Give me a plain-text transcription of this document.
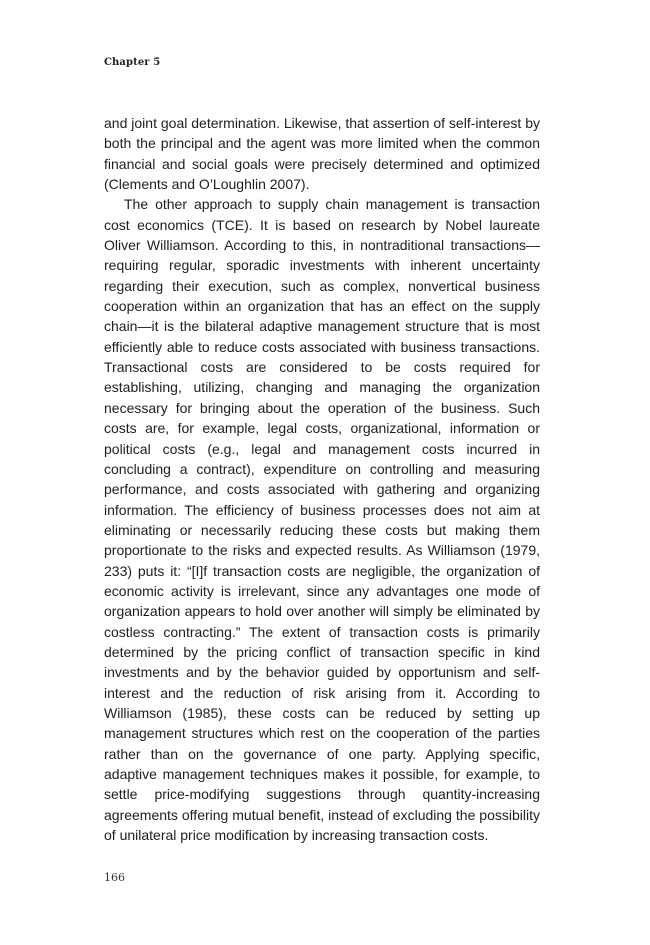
Chapter 5

and joint goal determination. Likewise, that assertion of self-interest by both the principal and the agent was more limited when the common financial and social goals were precisely determined and optimized (Clements and O’Loughlin 2007).

The other approach to supply chain management is transaction cost economics (TCE). It is based on research by Nobel laureate Oliver Williamson. According to this, in nontraditional transactions—requiring regular, sporadic investments with inherent uncertainty regarding their execution, such as complex, nonvertical business cooperation within an organization that has an effect on the supply chain—it is the bilateral adaptive management structure that is most efficiently able to reduce costs associated with business transactions. Transactional costs are considered to be costs required for establishing, utilizing, changing and managing the organization necessary for bringing about the operation of the business. Such costs are, for example, legal costs, organizational, information or political costs (e.g., legal and management costs incurred in concluding a contract), expenditure on controlling and measuring performance, and costs associated with gathering and organizing information. The efficiency of business processes does not aim at eliminating or necessarily reducing these costs but making them proportionate to the risks and expected results. As Williamson (1979, 233) puts it: “[I]f transaction costs are negligible, the organization of economic activity is irrelevant, since any advantages one mode of organization appears to hold over another will simply be eliminated by costless contracting.” The extent of transaction costs is primarily determined by the pricing conflict of transaction specific in kind investments and by the behavior guided by opportunism and self-interest and the reduction of risk arising from it. According to Williamson (1985), these costs can be reduced by setting up management structures which rest on the cooperation of the parties rather than on the governance of one party. Applying specific, adaptive management techniques makes it possible, for example, to settle price-modifying suggestions through quantity-increasing agreements offering mutual benefit, instead of excluding the possibility of unilateral price modification by increasing transaction costs.

166
